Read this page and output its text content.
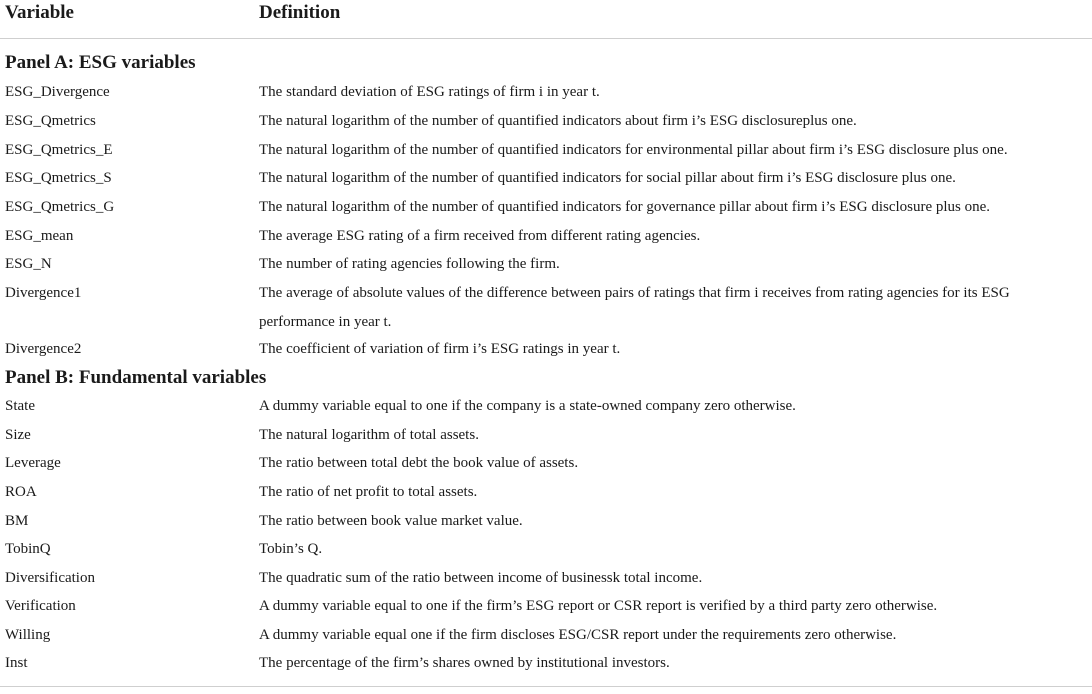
Variable	Definition
Panel A: ESG variables
ESG_Divergence	The standard deviation of ESG ratings of firm i in year t.
ESG_Qmetrics	The natural logarithm of the number of quantified indicators about firm i’s ESG disclosureplus one.
ESG_Qmetrics_E	The natural logarithm of the number of quantified indicators for environmental pillar about firm i’s ESG disclosure plus one.
ESG_Qmetrics_S	The natural logarithm of the number of quantified indicators for social pillar about firm i’s ESG disclosure plus one.
ESG_Qmetrics_G	The natural logarithm of the number of quantified indicators for governance pillar about firm i’s ESG disclosure plus one.
ESG_mean	The average ESG rating of a firm received from different rating agencies.
ESG_N	The number of rating agencies following the firm.
Divergence1	The average of absolute values of the difference between pairs of ratings that firm i receives from rating agencies for its ESG performance in year t.
Divergence2	The coefficient of variation of firm i’s ESG ratings in year t.
Panel B: Fundamental variables
State	A dummy variable equal to one if the company is a state-owned company zero otherwise.
Size	The natural logarithm of total assets.
Leverage	The ratio between total debt the book value of assets.
ROA	The ratio of net profit to total assets.
BM	The ratio between book value market value.
TobinQ	Tobin’s Q.
Diversification	The quadratic sum of the ratio between income of businessk total income.
Verification	A dummy variable equal to one if the firm’s ESG report or CSR report is verified by a third party zero otherwise.
Willing	A dummy variable equal one if the firm discloses ESG/CSR report under the requirements zero otherwise.
Inst	The percentage of the firm’s shares owned by institutional investors.
